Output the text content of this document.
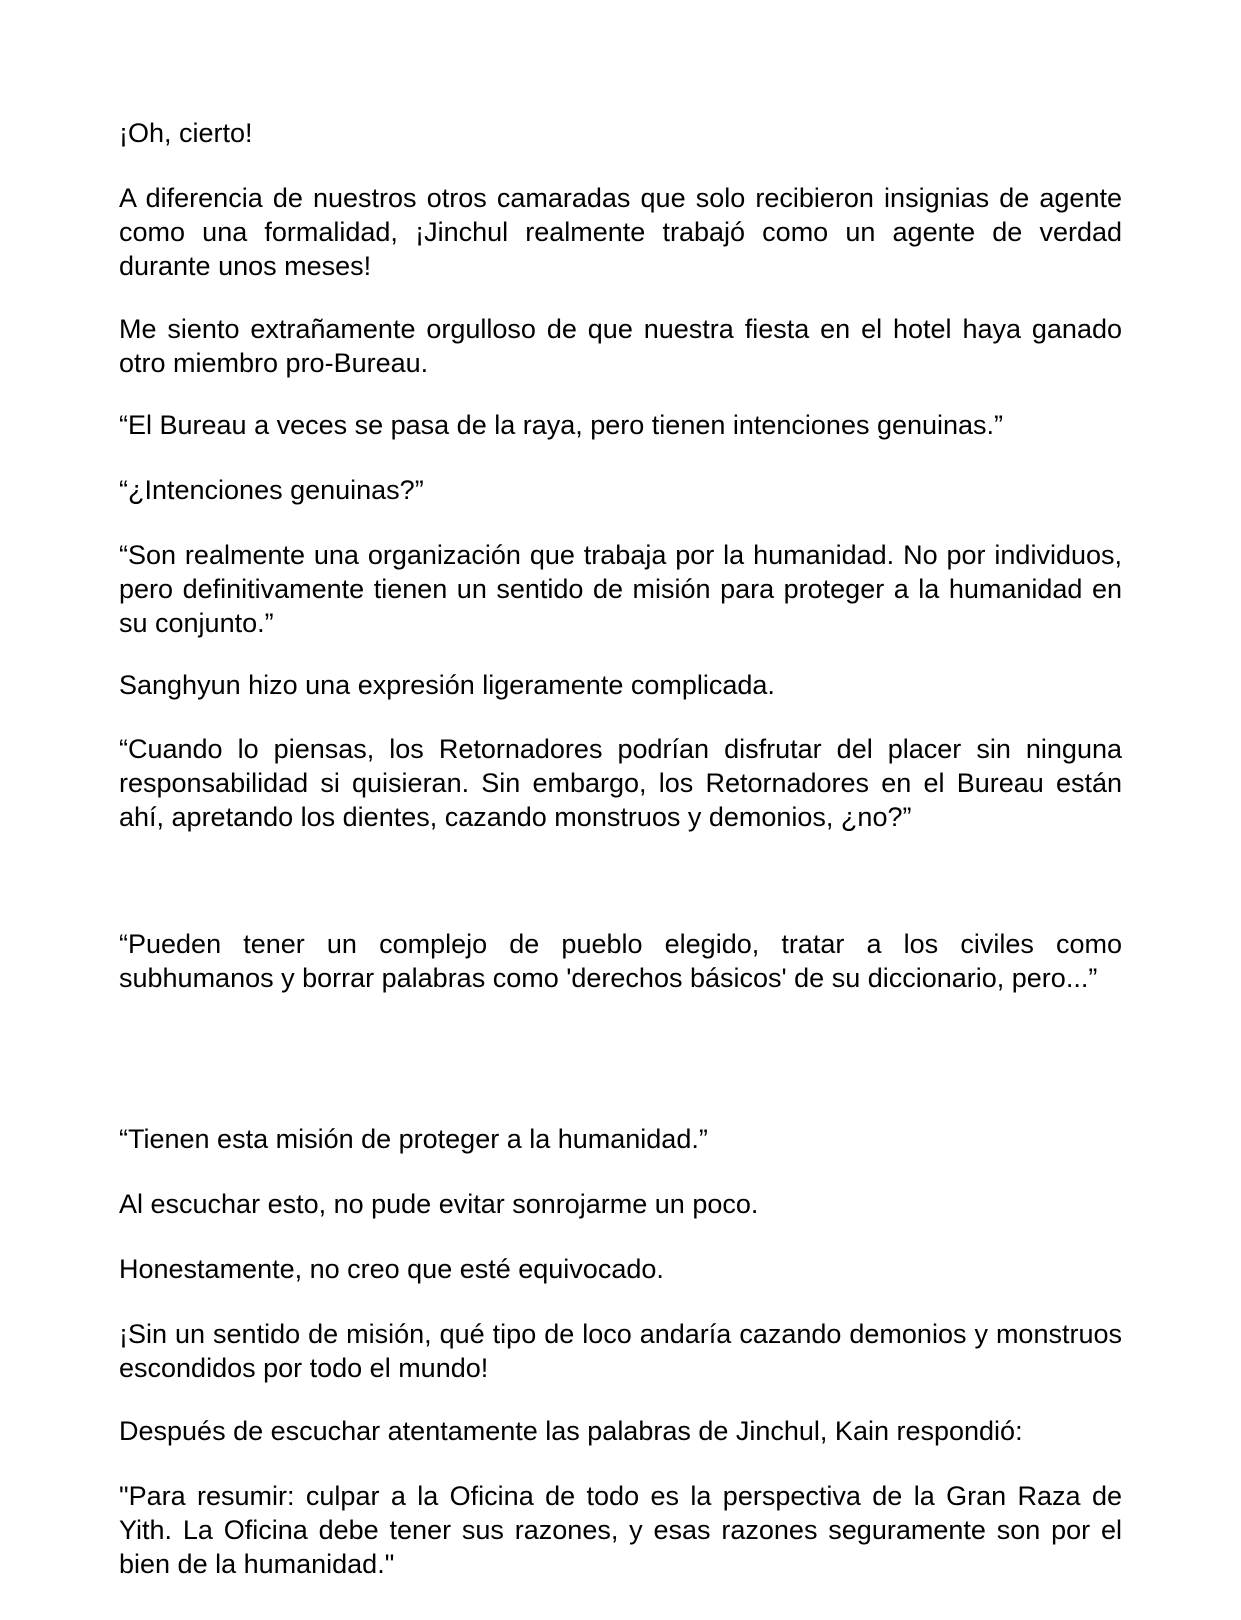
¡Oh, cierto!

A diferencia de nuestros otros camaradas que solo recibieron insignias de agente como una formalidad, ¡Jinchul realmente trabajó como un agente de verdad durante unos meses!

Me siento extrañamente orgulloso de que nuestra fiesta en el hotel haya ganado otro miembro pro-Bureau.

“El Bureau a veces se pasa de la raya, pero tienen intenciones genuinas.”

“¿Intenciones genuinas?”

“Son realmente una organización que trabaja por la humanidad. No por individuos, pero definitivamente tienen un sentido de misión para proteger a la humanidad en su conjunto.”

Sanghyun hizo una expresión ligeramente complicada.

“Cuando lo piensas, los Retornadores podrían disfrutar del placer sin ninguna responsabilidad si quisieran. Sin embargo, los Retornadores en el Bureau están ahí, apretando los dientes, cazando monstruos y demonios, ¿no?”

“Pueden tener un complejo de pueblo elegido, tratar a los civiles como subhumanos y borrar palabras como 'derechos básicos' de su diccionario, pero...”

“Tienen esta misión de proteger a la humanidad.”

Al escuchar esto, no pude evitar sonrojarme un poco.

Honestamente, no creo que esté equivocado.

¡Sin un sentido de misión, qué tipo de loco andaría cazando demonios y monstruos escondidos por todo el mundo!

Después de escuchar atentamente las palabras de Jinchul, Kain respondió:

"Para resumir: culpar a la Oficina de todo es la perspectiva de la Gran Raza de Yith. La Oficina debe tener sus razones, y esas razones seguramente son por el bien de la humanidad."
